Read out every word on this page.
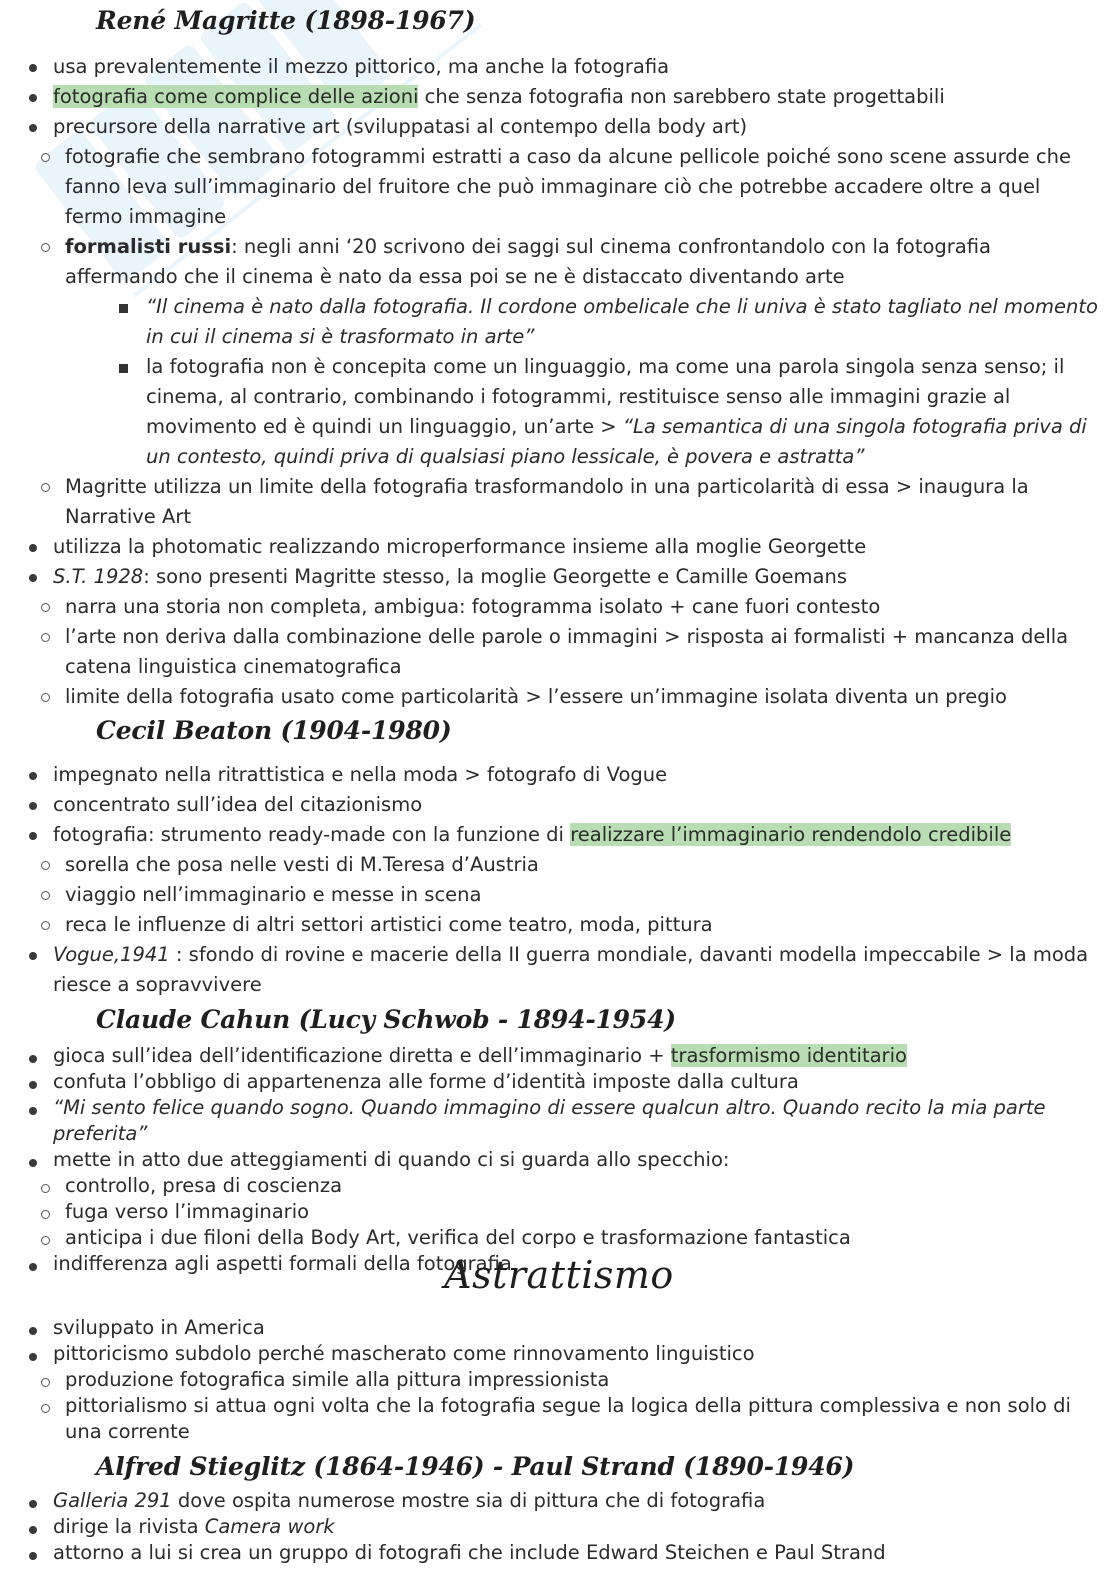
René Magritte (1898-1967)
usa prevalentemente il mezzo pittorico, ma anche la fotografia
fotografia come complice delle azioni che senza fotografia non sarebbero state progettabili
precursore della narrative art (sviluppatasi al contempo della body art)
fotografie che sembrano fotogrammi estratti a caso da alcune pellicole poiché sono scene assurde che fanno leva sull’immaginario del fruitore che può immaginare ciò che potrebbe accadere oltre a quel fermo immagine
formalisti russi: negli anni ‘20 scrivono dei saggi sul cinema confrontandolo con la fotografia affermando che il cinema è nato da essa poi se ne è distaccato diventando arte
“Il cinema è nato dalla fotografia. Il cordone ombelicale che li univa è stato tagliato nel momento in cui il cinema si è trasformato in arte”
la fotografia non è concepita come un linguaggio, ma come una parola singola senza senso; il cinema, al contrario, combinando i fotogrammi, restituisce senso alle immagini grazie al movimento ed è quindi un linguaggio, un’arte > “La semantica di una singola fotografia priva di un contesto, quindi priva di qualsiasi piano lessicale, è povera e astratta”
Magritte utilizza un limite della fotografia trasformandolo in una particolarità di essa > inaugura la Narrative Art
utilizza la photomatic realizzando microperformance insieme alla moglie Georgette
S.T. 1928: sono presenti Magritte stesso, la moglie Georgette e Camille Goemans
narra una storia non completa, ambigua: fotogramma isolato + cane fuori contesto
l’arte non deriva dalla combinazione delle parole o immagini > risposta ai formalisti + mancanza della catena linguistica cinematografica
limite della fotografia usato come particolarità > l’essere un’immagine isolata diventa un pregio
Cecil Beaton (1904-1980)
impegnato nella ritrattistica e nella moda > fotografo di Vogue
concentrato sull’idea del citazionismo
fotografia: strumento ready-made con la funzione di realizzare l’immaginario rendendolo credibile
sorella che posa nelle vesti di M.Teresa d’Austria
viaggio nell’immaginario e messe in scena
reca le influenze di altri settori artistici come teatro, moda, pittura
Vogue,1941 : sfondo di rovine e macerie della II guerra mondiale, davanti modella impeccabile > la moda riesce a sopravvivere
Claude Cahun (Lucy Schwob - 1894-1954)
gioca sull’idea dell’identificazione diretta e dell’immaginario + trasformismo identitario
confuta l’obbligo di appartenenza alle forme d’identità imposte dalla cultura
“Mi sento felice quando sogno. Quando immagino di essere qualcun altro. Quando recito la mia parte preferita”
mette in atto due atteggiamenti di quando ci si guarda allo specchio:
controllo, presa di coscienza
fuga verso l’immaginario
anticipa i due filoni della Body Art, verifica del corpo e trasformazione fantastica
indifferenza agli aspetti formali della fotografia
Astrattismo
sviluppato in America
pittoricismo subdolo perché mascherato come rinnovamento linguistico
produzione fotografica simile alla pittura impressionista
pittorialismo si attua ogni volta che la fotografia segue la logica della pittura complessiva e non solo di una corrente
Alfred Stieglitz (1864-1946) - Paul Strand (1890-1946)
Galleria 291 dove ospita numerose mostre sia di pittura che di fotografia
dirige la rivista Camera work
attorno a lui si crea un gruppo di fotografi che include Edward Steichen e Paul Strand
